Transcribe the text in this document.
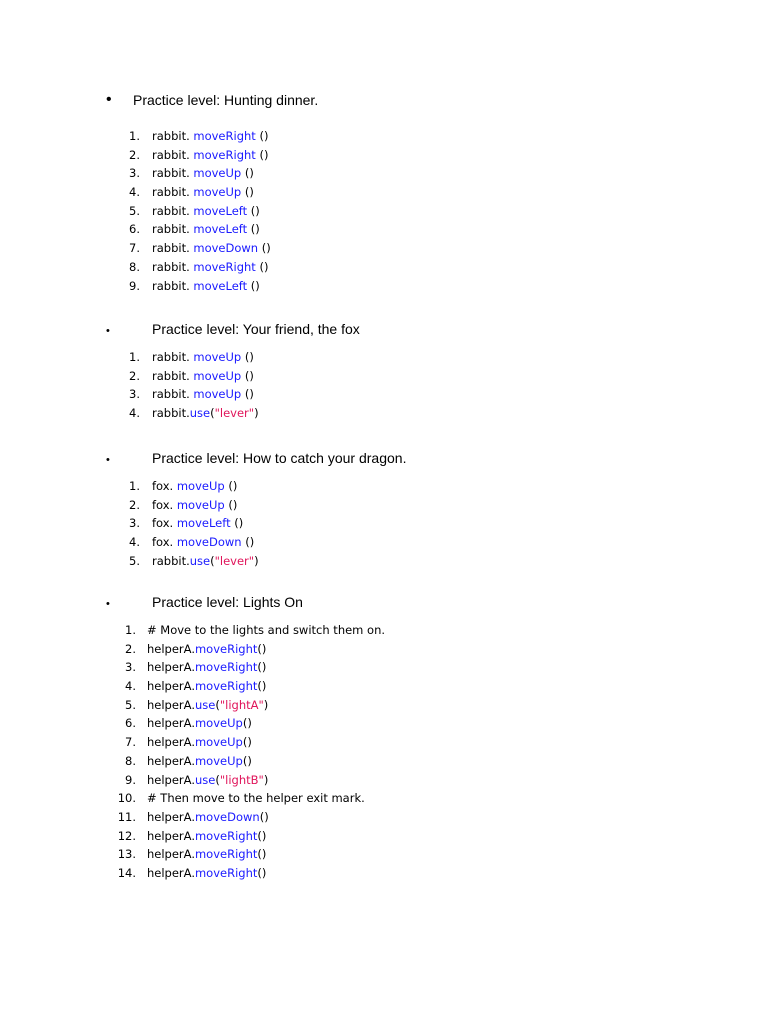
• Practice level: Hunting dinner.
1. rabbit. moveRight ()
2. rabbit. moveRight ()
3. rabbit. moveUp ()
4. rabbit. moveUp ()
5. rabbit. moveLeft ()
6. rabbit. moveLeft ()
7. rabbit. moveDown ()
8. rabbit. moveRight ()
9. rabbit. moveLeft ()
•	Practice level: Your friend, the fox
1. rabbit. moveUp ()
2. rabbit. moveUp ()
3. rabbit. moveUp ()
4. rabbit.use("lever")
•	Practice level: How to catch your dragon.
1. fox. moveUp ()
2. fox. moveUp ()
3. fox. moveLeft ()
4. fox. moveDown ()
5. rabbit.use("lever")
•	Practice level: Lights On
1. # Move to the lights and switch them on.
2. helperA.moveRight()
3. helperA.moveRight()
4. helperA.moveRight()
5. helperA.use("lightA")
6. helperA.moveUp()
7. helperA.moveUp()
8. helperA.moveUp()
9. helperA.use("lightB")
10. # Then move to the helper exit mark.
11. helperA.moveDown()
12. helperA.moveRight()
13. helperA.moveRight()
14. helperA.moveRight()
